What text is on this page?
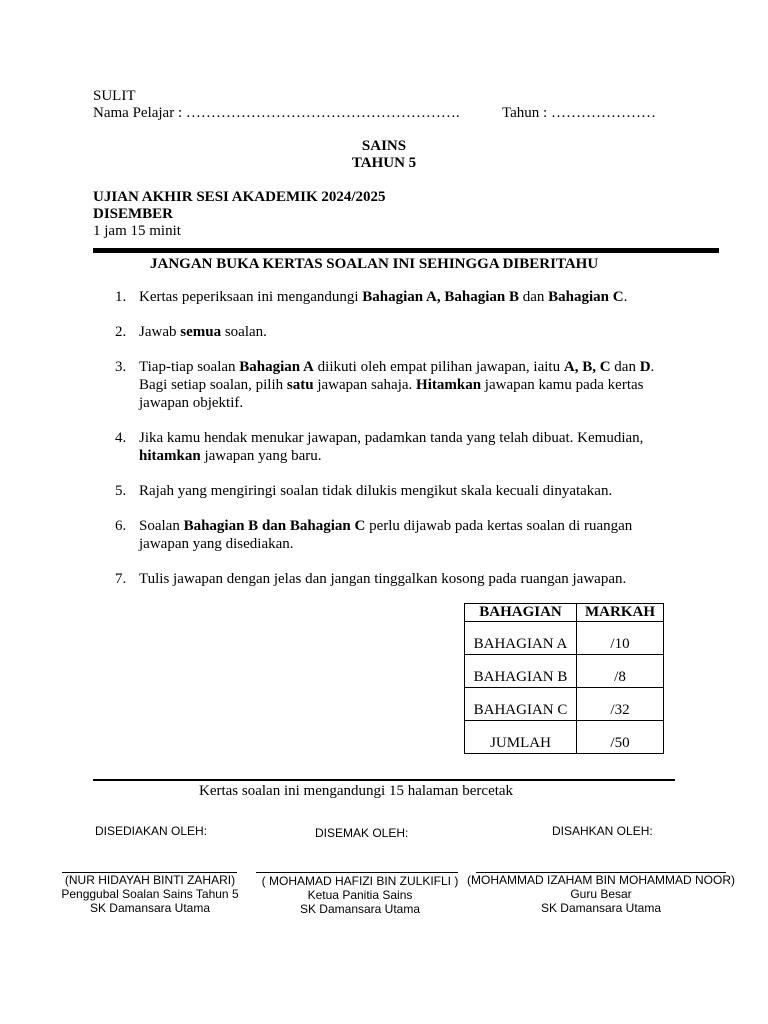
SULIT
Nama Pelajar : ……………………………………………….	Tahun : …………………
SAINS
TAHUN 5
UJIAN AKHIR SESI AKADEMIK 2024/2025
DISEMBER
1 jam 15 minit
JANGAN BUKA KERTAS SOALAN INI SEHINGGA DIBERITAHU
1. Kertas peperiksaan ini mengandungi Bahagian A, Bahagian B dan Bahagian C.
2. Jawab semua soalan.
3. Tiap-tiap soalan Bahagian A diikuti oleh empat pilihan jawapan, iaitu A, B, C dan D. Bagi setiap soalan, pilih satu jawapan sahaja. Hitamkan jawapan kamu pada kertas jawapan objektif.
4. Jika kamu hendak menukar jawapan, padamkan tanda yang telah dibuat. Kemudian, hitamkan jawapan yang baru.
5. Rajah yang mengiringi soalan tidak dilukis mengikut skala kecuali dinyatakan.
6. Soalan Bahagian B dan Bahagian C perlu dijawab pada kertas soalan di ruangan jawapan yang disediakan.
7. Tulis jawapan dengan jelas dan jangan tinggalkan kosong pada ruangan jawapan.
BAHAGIAN	MARKAH
BAHAGIAN A	/10
BAHAGIAN B	/8
BAHAGIAN C	/32
JUMLAH	/50
Kertas soalan ini mengandungi 15 halaman bercetak
DISEDIAKAN OLEH:	DISEMAK OLEH:	DISAHKAN OLEH:
(NUR HIDAYAH BINTI ZAHARI)
Penggubal Soalan Sains Tahun 5
SK Damansara Utama
( MOHAMAD HAFIZI BIN ZULKIFLI )
Ketua Panitia Sains
SK Damansara Utama
(MOHAMMAD IZAHAM BIN MOHAMMAD NOOR)
Guru Besar
SK Damansara Utama
